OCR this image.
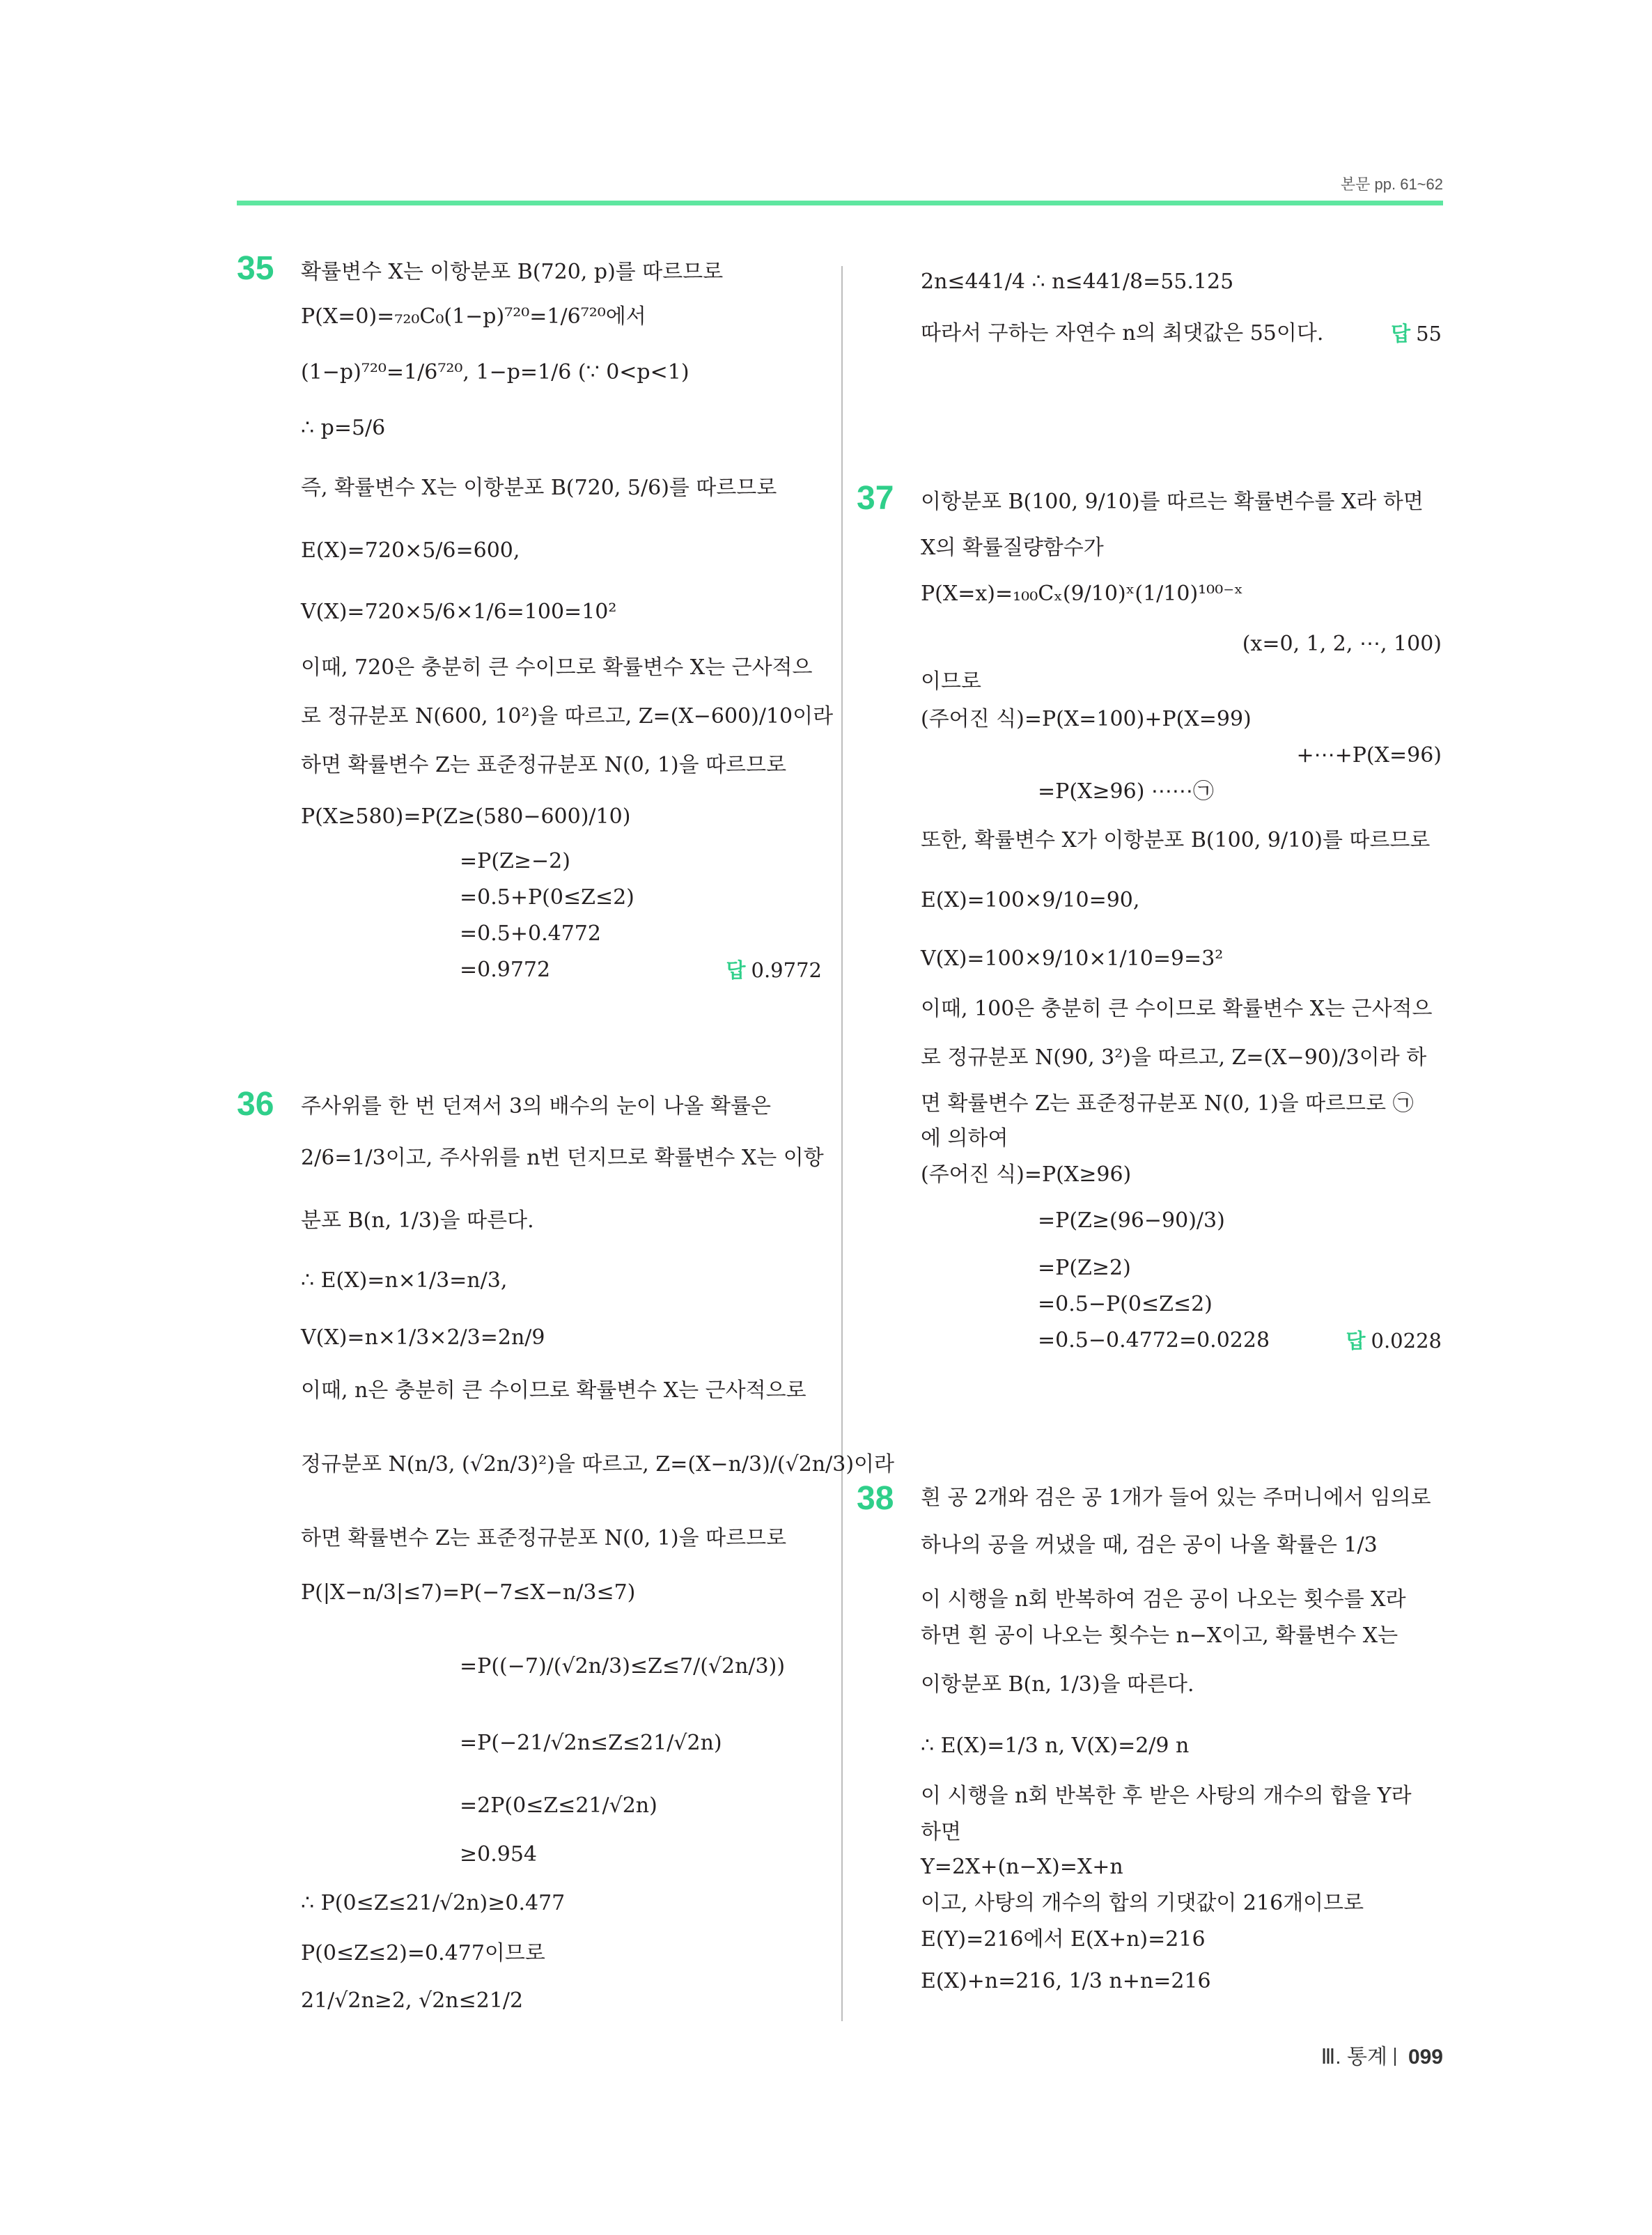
본문 pp. 61~62
35 확률변수 X는 이항분포 B(720, p)를 따르므로
P(X=0)=₇₂₀C₀(1−p)⁷²⁰=1/6⁷²⁰에서
(1−p)⁷²⁰=1/6⁷²⁰, 1−p=1/6 (∵ 0<p<1)
∴ p=5/6
즉, 확률변수 X는 이항분포 B(720, 5/6)를 따르므로
E(X)=720×5/6=600,
V(X)=720×5/6×1/6=100=10²
이때, 720은 충분히 큰 수이므로 확률변수 X는 근사적으
로 정규분포 N(600, 10²)을 따르고, Z=(X−600)/10이라
하면 확률변수 Z는 표준정규분포 N(0, 1)을 따르므로
P(X≥580)=P(Z≥(580−600)/10)
=P(Z≥−2)
=0.5+P(0≤Z≤2)
=0.5+0.4772
=0.9772	답 0.9772
36 주사위를 한 번 던져서 3의 배수의 눈이 나올 확률은
2/6=1/3이고, 주사위를 n번 던지므로 확률변수 X는 이항
분포 B(n, 1/3)을 따른다.
∴ E(X)=n×1/3=n/3,
V(X)=n×1/3×2/3=2n/9
이때, n은 충분히 큰 수이므로 확률변수 X는 근사적으로
정규분포 N(n/3, (√2n/3)²)을 따르고, Z=(X−n/3)/(√2n/3)이라
하면 확률변수 Z는 표준정규분포 N(0, 1)을 따르므로
P(|X−n/3|≤7)=P(−7≤X−n/3≤7)
=P((−7)/(√2n/3)≤Z≤7/(√2n/3))
=P(−21/√2n≤Z≤21/√2n)
=2P(0≤Z≤21/√2n)
≥0.954
∴ P(0≤Z≤21/√2n)≥0.477
P(0≤Z≤2)=0.477이므로
21/√2n≥2, √2n≤21/2
2n≤441/4 ∴ n≤441/8=55.125
따라서 구하는 자연수 n의 최댓값은 55이다.	답 55
37 이항분포 B(100, 9/10)를 따르는 확률변수를 X라 하면
X의 확률질량함수가
P(X=x)=₁₀₀Cₓ(9/10)ˣ(1/10)¹⁰⁰⁻ˣ
(x=0, 1, 2, ⋯, 100)
이므로
(주어진 식)=P(X=100)+P(X=99)
+⋯+P(X=96)
=P(X≥96) ⋯⋯㉠
또한, 확률변수 X가 이항분포 B(100, 9/10)를 따르므로
E(X)=100×9/10=90,
V(X)=100×9/10×1/10=9=3²
이때, 100은 충분히 큰 수이므로 확률변수 X는 근사적으
로 정규분포 N(90, 3²)을 따르고, Z=(X−90)/3이라 하
면 확률변수 Z는 표준정규분포 N(0, 1)을 따르므로 ㉠
에 의하여
(주어진 식)=P(X≥96)
=P(Z≥(96−90)/3)
=P(Z≥2)
=0.5−P(0≤Z≤2)
=0.5−0.4772=0.0228	답 0.0228
38 흰 공 2개와 검은 공 1개가 들어 있는 주머니에서 임의로
하나의 공을 꺼냈을 때, 검은 공이 나올 확률은 1/3
이 시행을 n회 반복하여 검은 공이 나오는 횟수를 X라
하면 흰 공이 나오는 횟수는 n−X이고, 확률변수 X는
이항분포 B(n, 1/3)을 따른다.
∴ E(X)=1/3 n, V(X)=2/9 n
이 시행을 n회 반복한 후 받은 사탕의 개수의 합을 Y라
하면
Y=2X+(n−X)=X+n
이고, 사탕의 개수의 합의 기댓값이 216개이므로
E(Y)=216에서 E(X+n)=216
E(X)+n=216, 1/3 n+n=216
Ⅲ. 통계 099
